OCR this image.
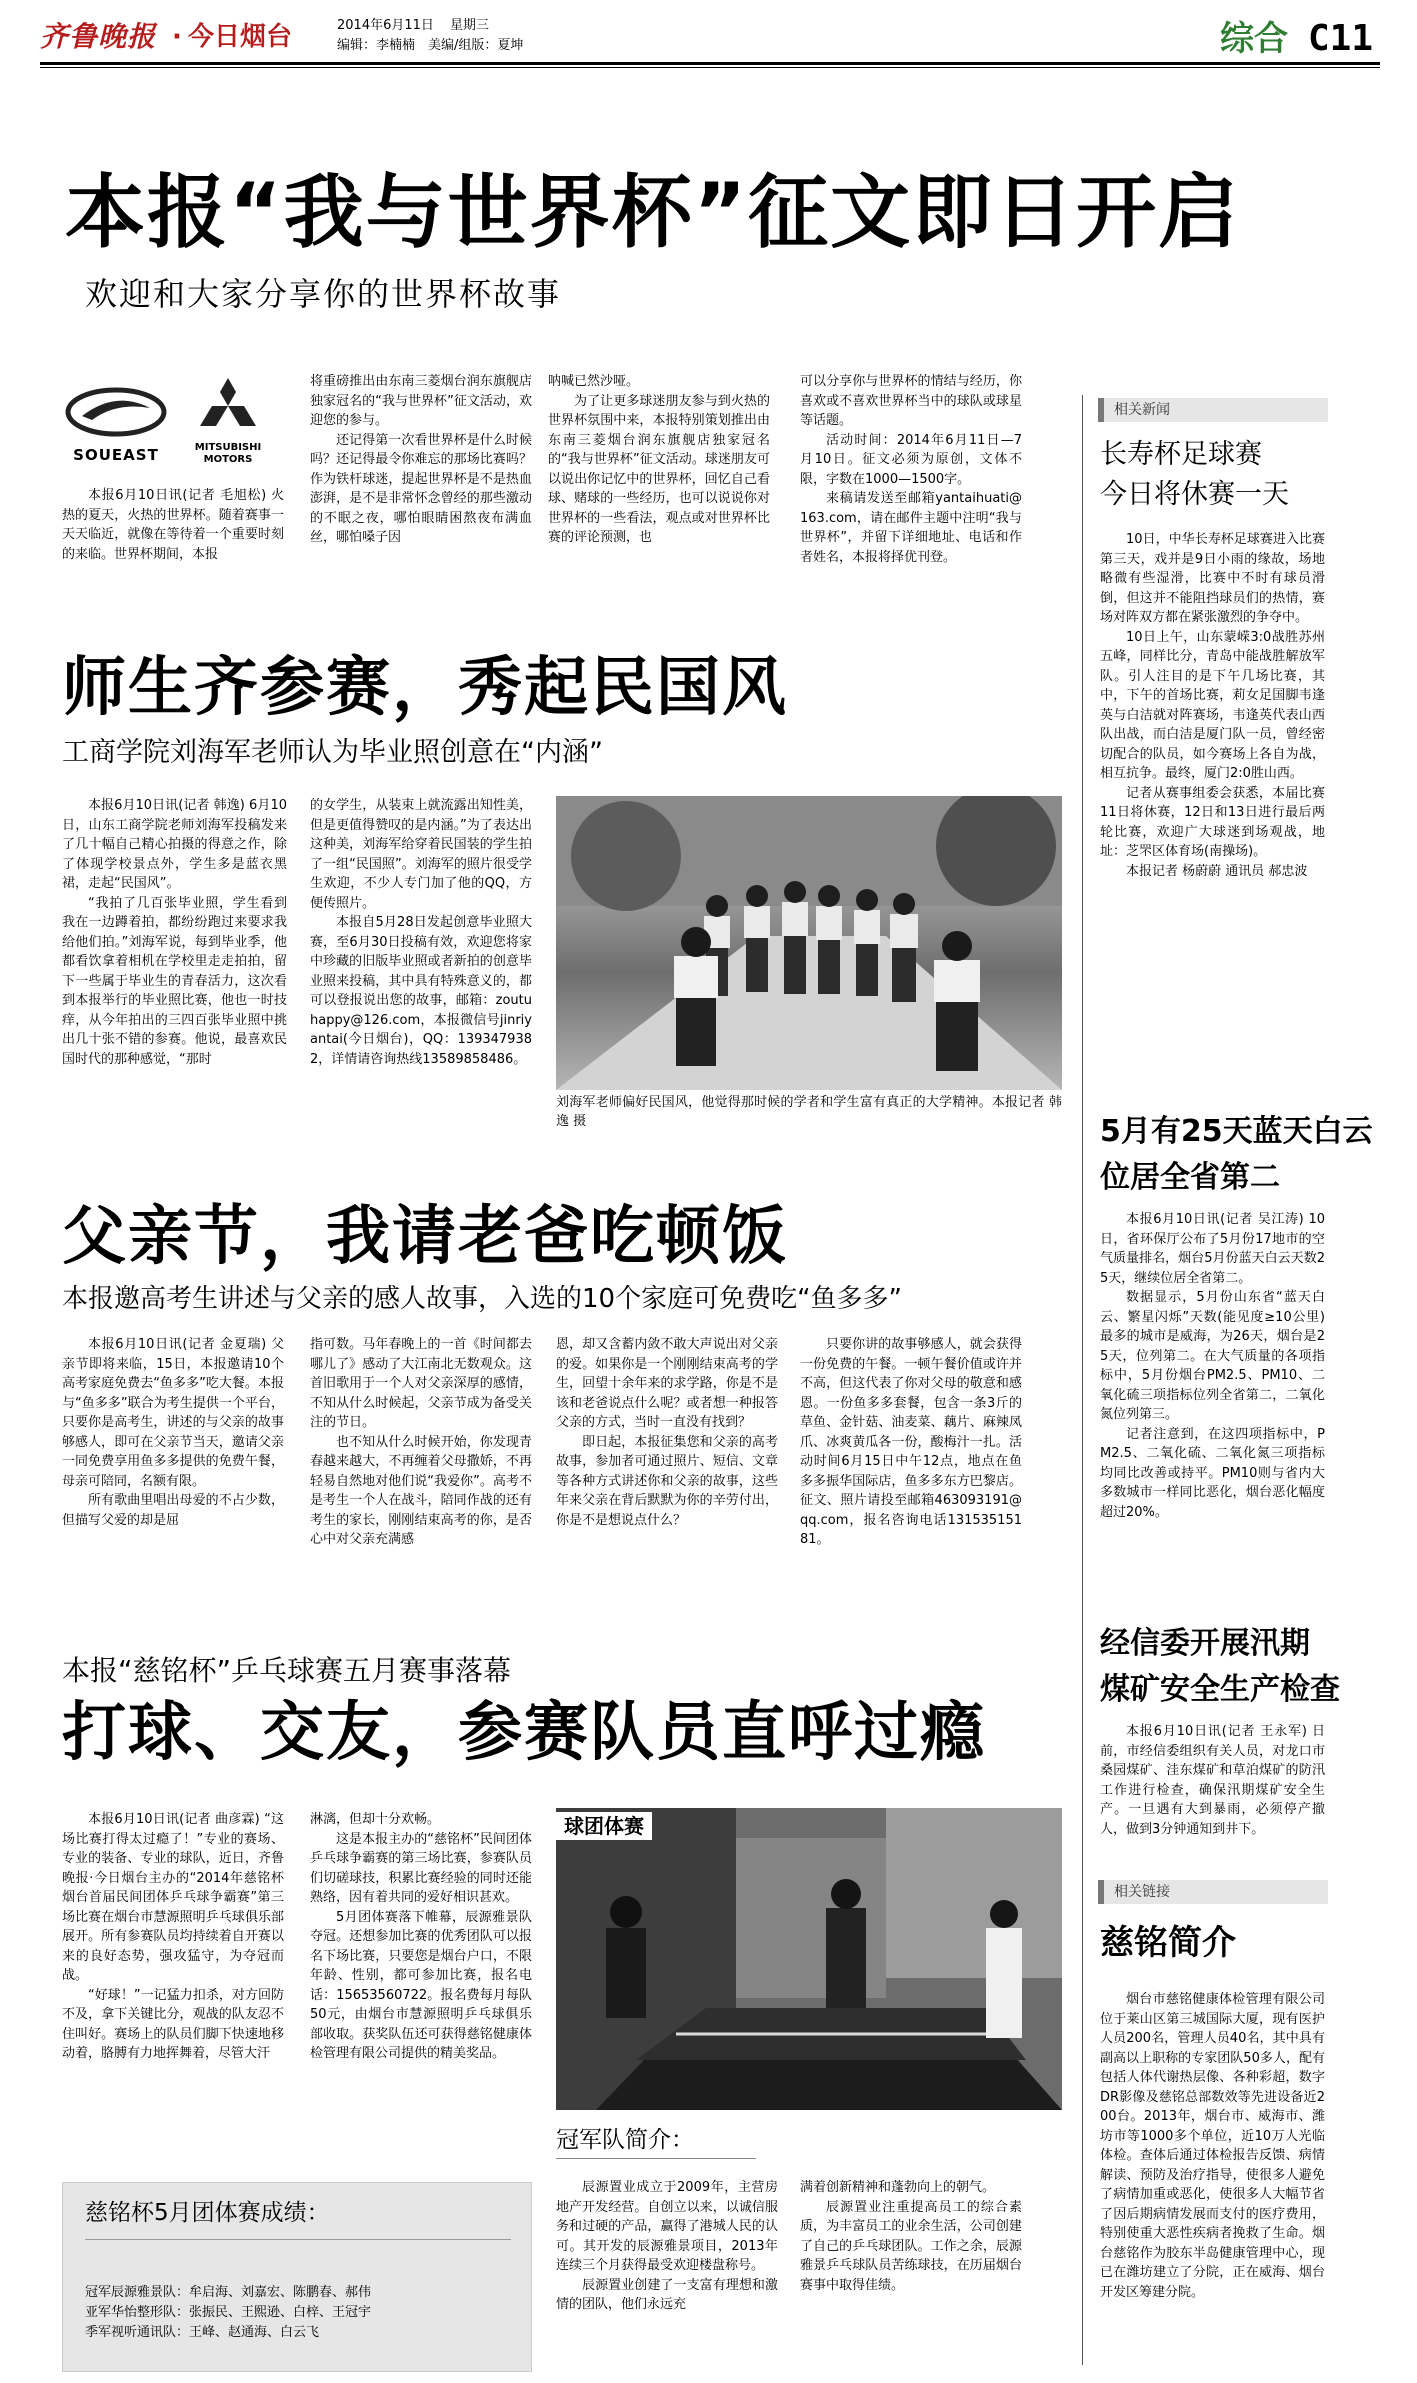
齐鲁晚报 · 今日烟台	2014年6月11日 星期三
编辑：李楠楠　美编/组版：夏坤	综合 C11
本报“我与世界杯”征文即日开启
欢迎和大家分享你的世界杯故事
SOUEAST	MITSUBISHI MOTORS

本报6月10日讯(记者 毛旭松) 火热的夏天，火热的世界杯。随着赛事一天天临近，就像在等待着一个重要时刻的来临。世界杯期间，本报

将重磅推出由东南三菱烟台润东旗舰店独家冠名的“我与世界杯”征文活动，欢迎您的参与。

还记得第一次看世界杯是什么时候吗？还记得最令你难忘的那场比赛吗？作为铁杆球迷，提起世界杯是不是热血澎湃，是不是非常怀念曾经的那些激动的不眠之夜，哪怕眼睛困熬夜布满血丝，哪怕嗓子因

呐喊已然沙哑。

为了让更多球迷朋友参与到火热的世界杯氛围中来，本报特别策划推出由东南三菱烟台润东旗舰店独家冠名的“我与世界杯”征文活动。球迷朋友可以说出你记忆中的世界杯，回忆自己看球、赌球的一些经历，也可以说说你对世界杯的一些看法，观点或对世界杯比赛的评论预测，也

可以分享你与世界杯的情结与经历，你喜欢或不喜欢世界杯当中的球队或球星等话题。

活动时间：2014年6月11日—7月10日。征文必须为原创，文体不限，字数在1000—1500字。

来稿请发送至邮箱yantaihuati@163.com，请在邮件主题中注明“我与世界杯”，并留下详细地址、电话和作者姓名，本报将择优刊登。

师生齐参赛，秀起民国风
工商学院刘海军老师认为毕业照创意在“内涵”

本报6月10日讯(记者 韩逸) 6月10日，山东工商学院老师刘海军投稿发来了几十幅自己精心拍摄的得意之作，除了体现学校景点外，学生多是蓝衣黑裙，走起“民国风”。

“我拍了几百张毕业照，学生看到我在一边蹲着拍，都纷纷跑过来要求我给他们拍。”刘海军说，每到毕业季，他都看饮拿着相机在学校里走走拍拍，留下一些属于毕业生的青春活力，这次看到本报举行的毕业照比赛，他也一时技痒，从今年拍出的三四百张毕业照中挑出几十张不错的参赛。他说，最喜欢民国时代的那种感觉，“那时

的女学生，从装束上就流露出知性美，但是更值得赞叹的是内涵。”为了表达出这种美，刘海军给穿着民国装的学生拍了一组“民国照”。刘海军的照片很受学生欢迎，不少人专门加了他的QQ，方便传照片。

本报自5月28日发起创意毕业照大赛，至6月30日投稿有效，欢迎您将家中珍藏的旧版毕业照或者新拍的创意毕业照来投稿，其中具有特殊意义的，都可以登报说出您的故事，邮箱：zoutuhappy@126.com，本报微信号jinriyantai(今日烟台)，QQ：1393479382，详情请咨询热线13589858486。

刘海军老师偏好民国风，他觉得那时候的学者和学生富有真正的大学精神。本报记者 韩逸 摄
父亲节，我请老爸吃顿饭
本报邀高考生讲述与父亲的感人故事，入选的10个家庭可免费吃“鱼多多”

本报6月10日讯(记者 金夏瑞) 父亲节即将来临，15日，本报邀请10个高考家庭免费去“鱼多多”吃大餐。本报与“鱼多多”联合为考生提供一个平台，只要你是高考生，讲述的与父亲的故事够感人，即可在父亲节当天，邀请父亲一同免费享用鱼多多提供的免费午餐，母亲可陪同，名额有限。

所有歌曲里唱出母爱的不占少数，但描写父爱的却是屈

指可数。马年春晚上的一首《时间都去哪儿了》感动了大江南北无数观众。这首旧歌用于一个人对父亲深厚的感情，不知从什么时候起，父亲节成为备受关注的节日。

也不知从什么时候开始，你发现青春越来越大，不再缠着父母撒娇，不再轻易自然地对他们说“我爱你”。高考不是考生一个人在战斗，陪同作战的还有考生的家长，刚刚结束高考的你，是否心中对父亲充满感

恩，却又含蓄内敛不敢大声说出对父亲的爱。如果你是一个刚刚结束高考的学生，回望十余年来的求学路，你是不是该和老爸说点什么呢？或者想一种报答父亲的方式，当时一直没有找到？

即日起，本报征集您和父亲的高考故事，参加者可通过照片、短信、文章等各种方式讲述你和父亲的故事，这些年来父亲在背后默默为你的辛劳付出，你是不是想说点什么？

只要你讲的故事够感人，就会获得一份免费的午餐。一顿午餐价值或许并不高，但这代表了你对父母的敬意和感恩。一份鱼多多套餐，包含一条3斤的草鱼、金针菇、油麦菜、藕片、麻辣凤爪、冰爽黄瓜各一份，酸梅汁一扎。活动时间6月15日中午12点，地点在鱼多多振华国际店，鱼多多东方巴黎店。征文、照片请投至邮箱463093191@qq.com，报名咨询电话13153515181。

本报“慈铭杯”乒乓球赛五月赛事落幕
打球、交友，参赛队员直呼过瘾

本报6月10日讯(记者 曲彦霖) “这场比赛打得太过瘾了！”专业的赛场、专业的装备、专业的球队，近日，齐鲁晚报·今日烟台主办的“2014年慈铭杯烟台首届民间团体乒乓球争霸赛”第三场比赛在烟台市慧源照明乒乓球俱乐部展开。所有参赛队员均持续着自开赛以来的良好态势，强攻猛守，为夺冠而战。

“好球！”一记猛力扣杀，对方回防不及，拿下关键比分，观战的队友忍不住叫好。赛场上的队员们脚下快速地移动着，胳膊有力地挥舞着，尽管大汗

淋漓，但却十分欢畅。

这是本报主办的“慈铭杯”民间团体乒乓球争霸赛的第三场比赛，参赛队员们切磋球技，积累比赛经验的同时还能熟络，因有着共同的爱好相识甚欢。

5月团体赛落下帷幕，辰源雅景队夺冠。还想参加比赛的优秀团队可以报名下场比赛，只要您是烟台户口，不限年龄、性别，都可参加比赛，报名电话：15653560722。报名费每月每队50元，由烟台市慧源照明乒乓球俱乐部收取。获奖队伍还可获得慈铭健康体检管理有限公司提供的精美奖品。

球团体赛
慈铭杯5月团体赛成绩：
冠军辰源雅景队：牟启海、刘嘉宏、陈鹏春、郝伟
亚军华怡整形队：张振民、王熙逊、白梓、王冠宇
季军视听通讯队：王峰、赵通海、白云飞
冠军队简介：

辰源置业成立于2009年，主营房地产开发经营。自创立以来，以诚信服务和过硬的产品，赢得了港城人民的认可。其开发的辰源雅景项目，2013年连续三个月获得最受欢迎楼盘称号。

辰源置业创建了一支富有理想和激情的团队，他们永远充

满着创新精神和蓬勃向上的朝气。

辰源置业注重提高员工的综合素质，为丰富员工的业余生活，公司创建了自己的乒乓球团队。工作之余，辰源雅景乒乓球队员苦练球技，在历届烟台赛事中取得佳绩。

相关新闻
长寿杯足球赛
今日将休赛一天

10日，中华长寿杯足球赛进入比赛第三天，戏并是9日小雨的缘故，场地略微有些湿滑，比赛中不时有球员滑倒，但这并不能阻挡球员们的热情，赛场对阵双方都在紧张激烈的争夺中。

10日上午，山东蒙嵘3:0战胜苏州五峰，同样比分，青岛中能战胜解放军队。引人注目的是下午几场比赛，其中，下午的首场比赛，莉女足国脚韦逢英与白洁就对阵赛场，韦逢英代表山西队出战，而白洁是厦门队一员，曾经密切配合的队员，如今赛场上各自为战，相互抗争。最终，厦门2:0胜山西。

记者从赛事组委会获悉，本届比赛11日将休赛，12日和13日进行最后两轮比赛，欢迎广大球迷到场观战，地址：芝罘区体育场(南操场)。

本报记者 杨蔚蔚 通讯员 郝忠波

5月有25天蓝天白云
位居全省第二

本报6月10日讯(记者 吴江涛) 10日，省环保厅公布了5月份17地市的空气质量排名，烟台5月份蓝天白云天数25天，继续位居全省第二。

数据显示，5月份山东省“蓝天白云、繁星闪烁”天数(能见度≥10公里)最多的城市是威海，为26天，烟台是25天，位列第二。在大气质量的各项指标中，5月份烟台PM2.5、PM10、二氧化硫三项指标位列全省第二，二氧化氮位列第三。

记者注意到，在这四项指标中，PM2.5、二氧化硫、二氧化氮三项指标均同比改善或持平。PM10则与省内大多数城市一样同比恶化，烟台恶化幅度超过20%。

经信委开展汛期
煤矿安全生产检查

本报6月10日讯(记者 王永军) 日前，市经信委组织有关人员，对龙口市桑园煤矿、洼东煤矿和草泊煤矿的防汛工作进行检查，确保汛期煤矿安全生产。一旦遇有大到暴雨，必须停产撤人，做到3分钟通知到井下。

相关链接
慈铭简介

烟台市慈铭健康体检管理有限公司位于莱山区第三城国际大厦，现有医护人员200名，管理人员40名，其中具有副高以上职称的专家团队50多人，配有包括人体代谢热层像、各种彩超，数字DR影像及慈铭总部数效等先进设备近200台。2013年，烟台市、威海市、潍坊市等1000多个单位，近10万人光临体检。查体后通过体检报告反馈、病情解读、预防及治疗指导，使很多人避免了病情加重或恶化，使很多人大幅节省了因后期病情发展而支付的医疗费用，特别使重大恶性疾病者挽救了生命。烟台慈铭作为胶东半岛健康管理中心，现已在潍坊建立了分院，正在威海、烟台开发区筹建分院。
